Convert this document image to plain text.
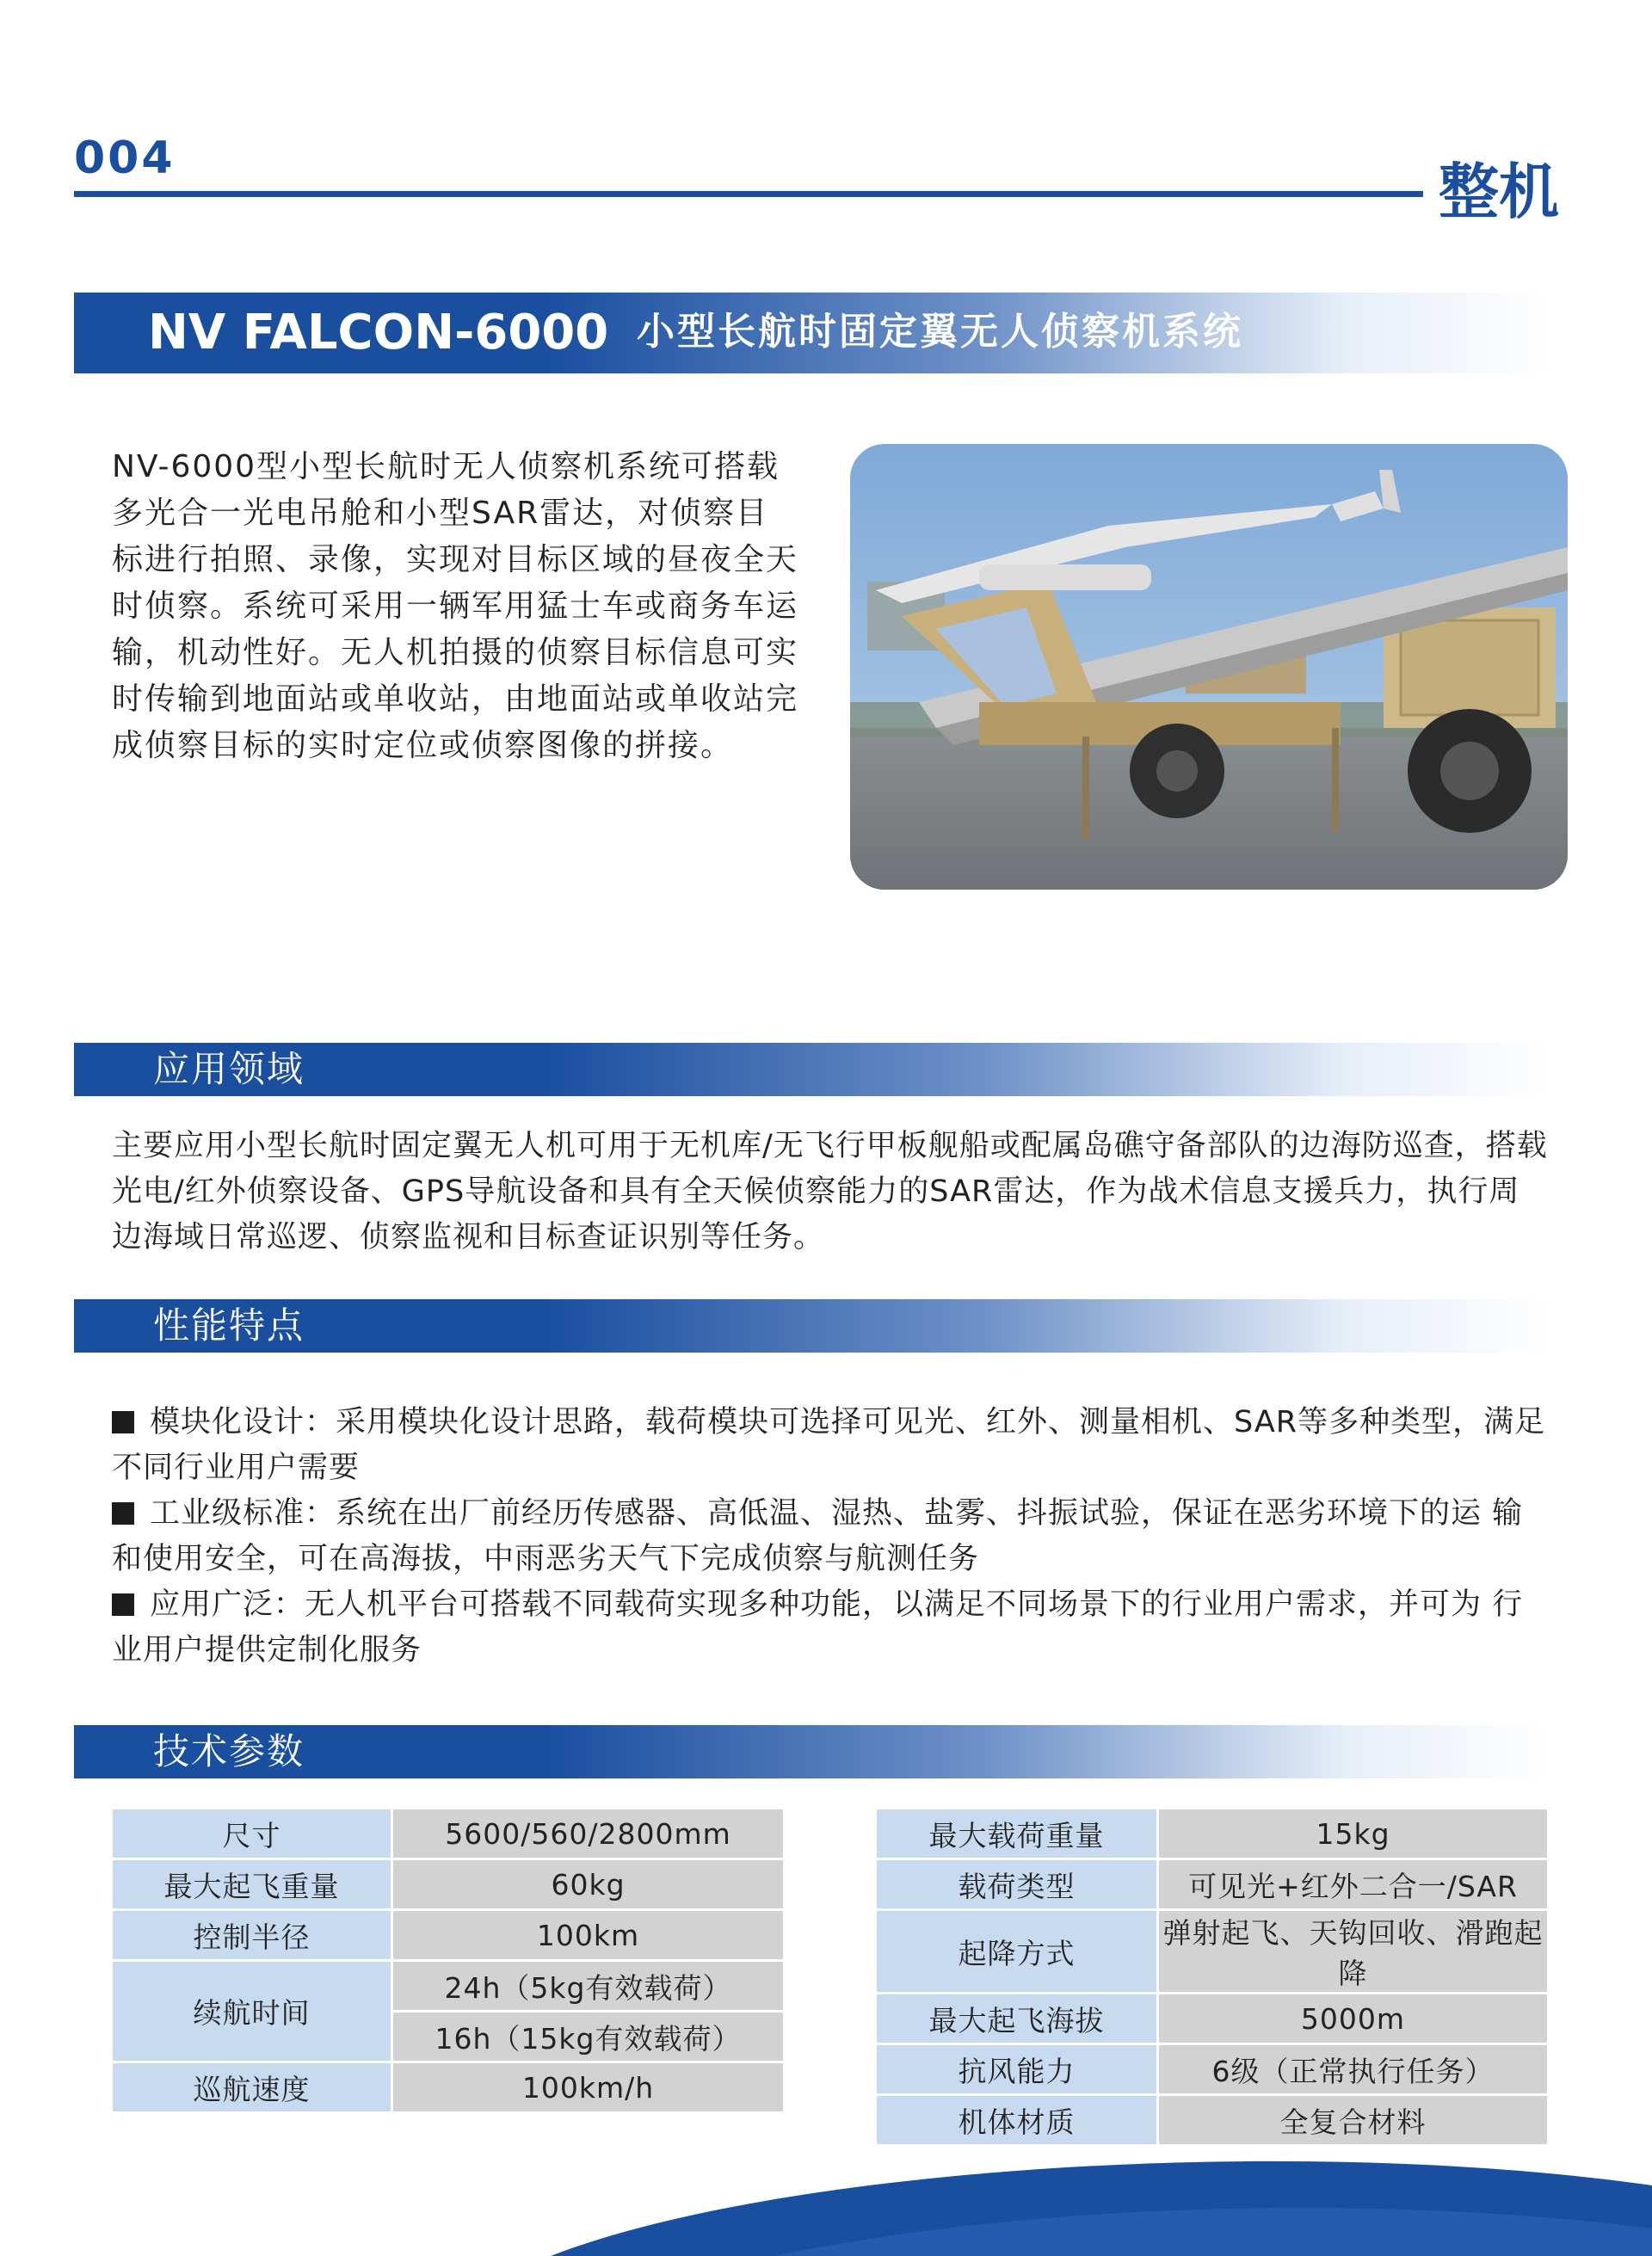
004	整机
NV FALCON-6000 小型长航时固定翼无人侦察机系统
NV-6000型小型长航时无人侦察机系统可搭载多光合一光电吊舱和小型SAR雷达，对侦察目标进行拍照、录像，实现对目标区域的昼夜全天时侦察。系统可采用一辆军用猛士车或商务车运输，机动性好。无人机拍摄的侦察目标信息可实时传输到地面站或单收站，由地面站或单收站完成侦察目标的实时定位或侦察图像的拼接。
应用领域
主要应用小型长航时固定翼无人机可用于无机库/无飞行甲板舰船或配属岛礁守备部队的边海防巡查，搭载光电/红外侦察设备、GPS导航设备和具有全天候侦察能力的SAR雷达，作为战术信息支援兵力，执行周边海域日常巡逻、侦察监视和目标查证识别等任务。
性能特点

模块化设计：采用模块化设计思路，载荷模块可选择可见光、红外、测量相机、SAR等多种类型，满足不同行业用户需要

工业级标准：系统在出厂前经历传感器、高低温、湿热、盐雾、抖振试验，保证在恶劣环境下的运 输和使用安全，可在高海拔，中雨恶劣天气下完成侦察与航测任务

应用广泛：无人机平台可搭载不同载荷实现多种功能，以满足不同场景下的行业用户需求，并可为 行业用户提供定制化服务

技术参数
尺寸	5600/560/2800mm
最大起飞重量	60kg
控制半径	100km
续航时间	24h（5kg有效载荷）
	16h（15kg有效载荷）
巡航速度	100km/h
最大载荷重量	15kg
载荷类型	可见光+红外二合一/SAR
起降方式	弹射起飞、天钩回收、滑跑起降
最大起飞海拔	5000m
抗风能力	6级（正常执行任务）
机体材质	全复合材料
